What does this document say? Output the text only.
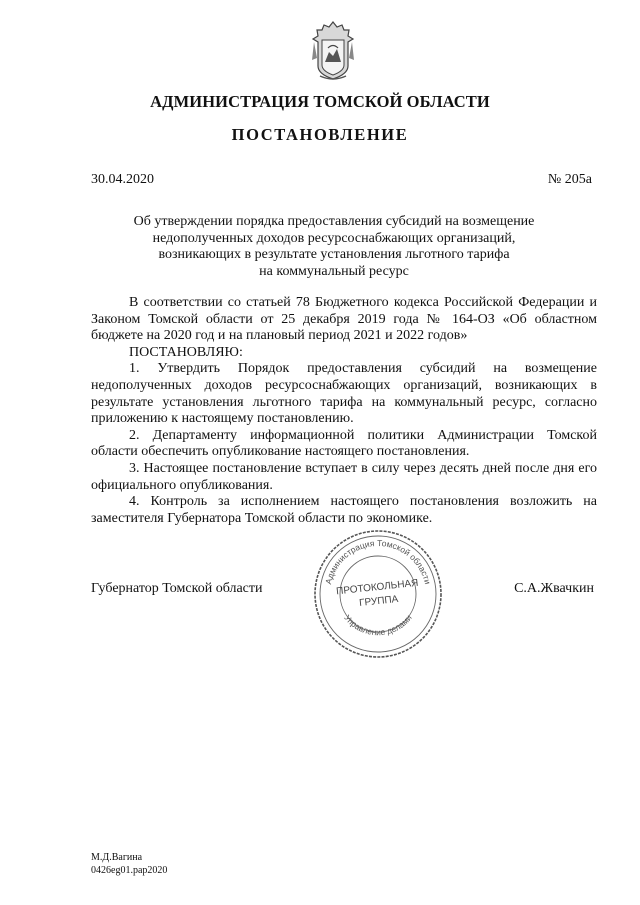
АДМИНИСТРАЦИЯ ТОМСКОЙ ОБЛАСТИ
ПОСТАНОВЛЕНИЕ
30.04.2020	№ 205а
Об утверждении порядка предоставления субсидий на возмещение
недополученных доходов ресурсоснабжающих организаций,
возникающих в результате установления льготного тарифа
на коммунальный ресурс

В соответствии со статьей 78 Бюджетного кодекса Российской Федерации и Законом Томской области от 25 декабря 2019 года № 164-ОЗ «Об областном бюджете на 2020 год и на плановый период 2021 и 2022 годов»

ПОСТАНОВЛЯЮ:

1. Утвердить Порядок предоставления субсидий на возмещение недополученных доходов ресурсоснабжающих организаций, возникающих в результате установления льготного тарифа на коммунальный ресурс, согласно приложению к настоящему постановлению.

2. Департаменту информационной политики Администрации Томской области обеспечить опубликование настоящего постановления.

3. Настоящее постановление вступает в силу через десять дней после дня его официального опубликования.

4. Контроль за исполнением настоящего постановления возложить на заместителя Губернатора Томской области по экономике.

Губернатор Томской области	С.А.Жвачкин
Администрация Томской области
Управление делами
ПРОТОКОЛЬНАЯ
ГРУППА
М.Д.Вагина
0426eg01.pap2020
